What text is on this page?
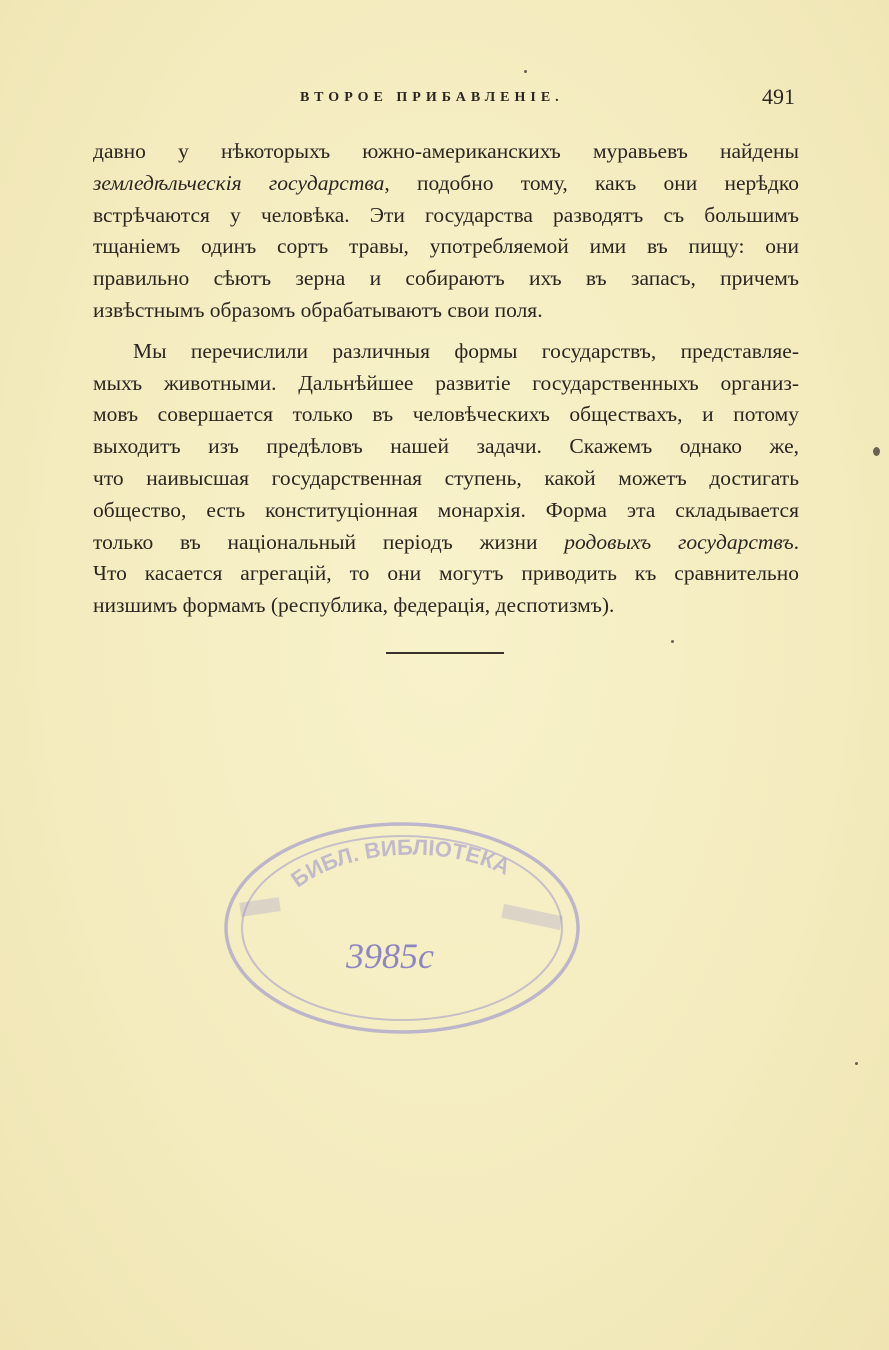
ВТОРОЕ ПРИБАВЛЕНІЕ.	491
давно у нѣкоторыхъ южно-американскихъ муравьевъ найдены
земледѣльческія государства, подобно тому, какъ они нерѣдко
встрѣчаются у человѣка. Эти государства разводятъ съ большимъ
тщаніемъ одинъ сортъ травы, употребляемой ими въ пищу: они
правильно сѣютъ зерна и собираютъ ихъ въ запасъ, причемъ
извѣстнымъ образомъ обрабатываютъ свои поля.
Мы перечислили различныя формы государствъ, представляе-
мыхъ животными. Дальнѣйшее развитіе государственныхъ организ-
мовъ совершается только въ человѣческихъ обществахъ, и потому
выходитъ изъ предѣловъ нашей задачи. Скажемъ однако же,
что наивысшая государственная ступень, какой можетъ достигать
общество, есть конституціонная монархія. Форма эта складывается
только въ національный періодъ жизни родовыхъ государствъ.
Что касается агрегацій, то они могутъ приводить къ сравнительно
низшимъ формамъ (республика, федерація, деспотизмъ).
БИБЛ. ВИБЛІОТЕКА
3985с
